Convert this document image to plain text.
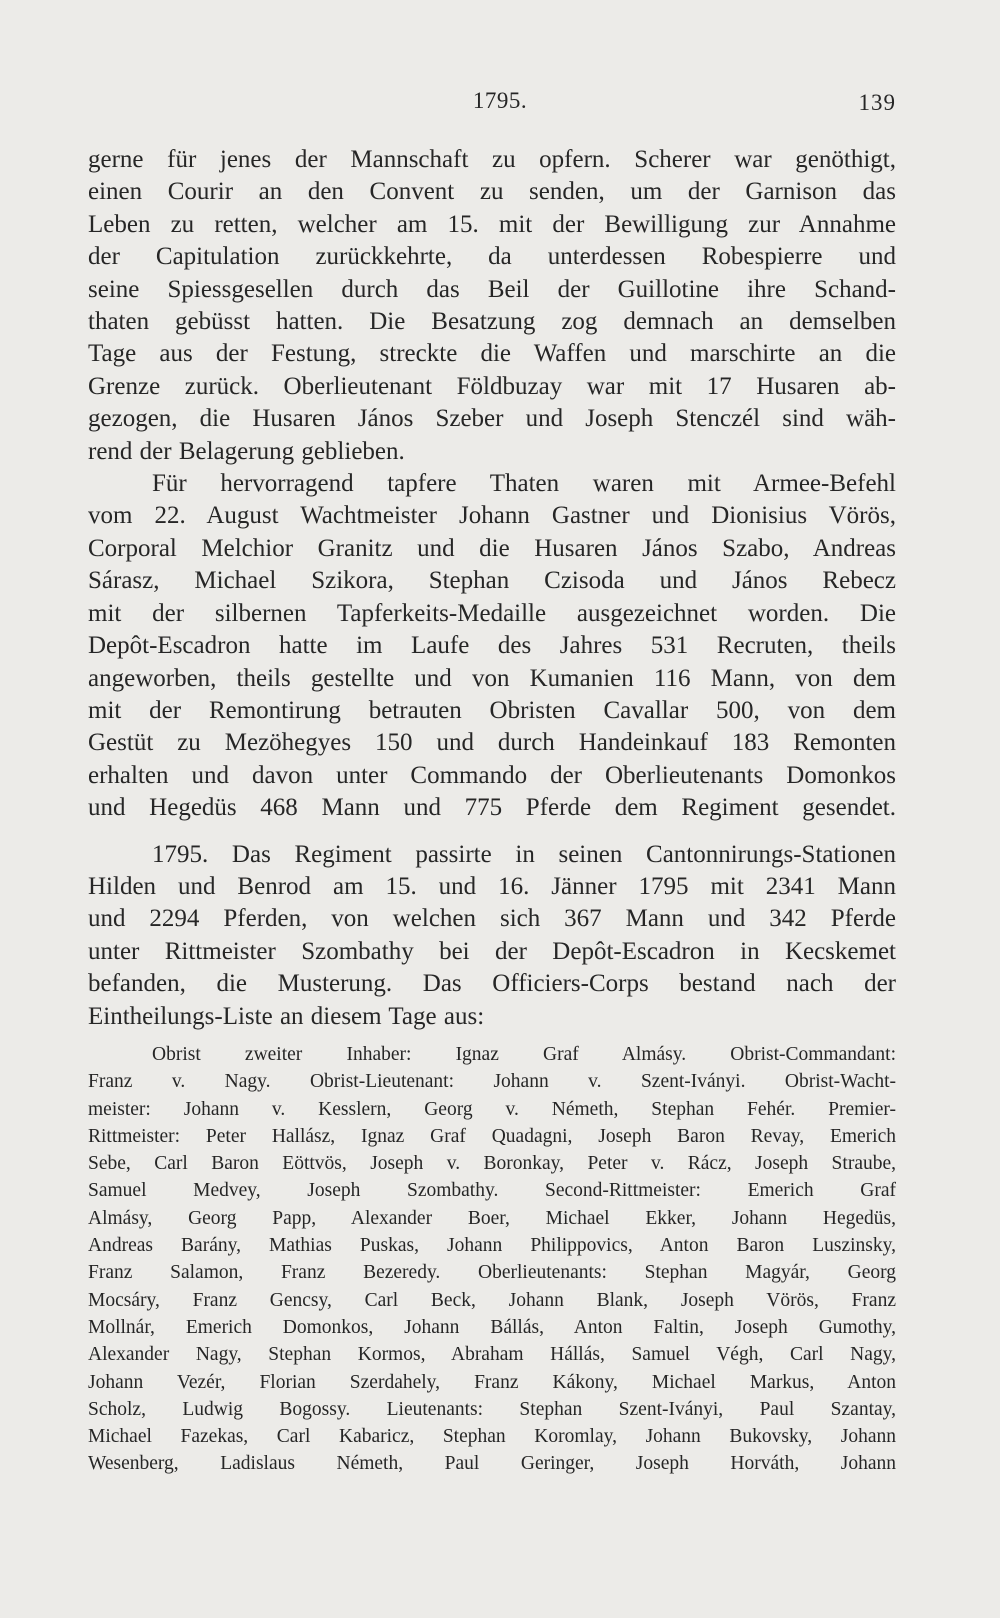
1795.	139
gerne für jenes der Mannschaft zu opfern. Scherer war genöthigt,
einen Courir an den Convent zu senden, um der Garnison das
Leben zu retten, welcher am 15. mit der Bewilligung zur Annahme
der Capitulation zurückkehrte, da unterdessen Robespierre und
seine Spiessgesellen durch das Beil der Guillotine ihre Schand-
thaten gebüsst hatten. Die Besatzung zog demnach an demselben
Tage aus der Festung, streckte die Waffen und marschirte an die
Grenze zurück. Oberlieutenant Földbuzay war mit 17 Husaren ab-
gezogen, die Husaren János Szeber und Joseph Stenczél sind wäh-
rend der Belagerung geblieben.
Für hervorragend tapfere Thaten waren mit Armee-Befehl
vom 22. August Wachtmeister Johann Gastner und Dionisius Vörös,
Corporal Melchior Granitz und die Husaren János Szabo, Andreas
Sárasz, Michael Szikora, Stephan Czisoda und János Rebecz
mit der silbernen Tapferkeits-Medaille ausgezeichnet worden. Die
Depôt-Escadron hatte im Laufe des Jahres 531 Recruten, theils
angeworben, theils gestellte und von Kumanien 116 Mann, von dem
mit der Remontirung betrauten Obristen Cavallar 500, von dem
Gestüt zu Mezöhegyes 150 und durch Handeinkauf 183 Remonten
erhalten und davon unter Commando der Oberlieutenants Domonkos
und Hegedüs 468 Mann und 775 Pferde dem Regiment gesendet.
1795. Das Regiment passirte in seinen Cantonnirungs-Stationen
Hilden und Benrod am 15. und 16. Jänner 1795 mit 2341 Mann
und 2294 Pferden, von welchen sich 367 Mann und 342 Pferde
unter Rittmeister Szombathy bei der Depôt-Escadron in Kecskemet
befanden, die Musterung. Das Officiers-Corps bestand nach der
Eintheilungs-Liste an diesem Tage aus:
Obrist zweiter Inhaber: Ignaz Graf Almásy. Obrist-Commandant:
Franz v. Nagy. Obrist-Lieutenant: Johann v. Szent-Iványi. Obrist-Wacht-
meister: Johann v. Kesslern, Georg v. Németh, Stephan Fehér. Premier-
Rittmeister: Peter Hallász, Ignaz Graf Quadagni, Joseph Baron Revay, Emerich
Sebe, Carl Baron Eöttvös, Joseph v. Boronkay, Peter v. Rácz, Joseph Straube,
Samuel Medvey, Joseph Szombathy. Second-Rittmeister: Emerich Graf
Almásy, Georg Papp, Alexander Boer, Michael Ekker, Johann Hegedüs,
Andreas Barány, Mathias Puskas, Johann Philippovics, Anton Baron Luszinsky,
Franz Salamon, Franz Bezeredy. Oberlieutenants: Stephan Magyár, Georg
Mocsáry, Franz Gencsy, Carl Beck, Johann Blank, Joseph Vörös, Franz
Mollnár, Emerich Domonkos, Johann Bállás, Anton Faltin, Joseph Gumothy,
Alexander Nagy, Stephan Kormos, Abraham Hállás, Samuel Végh, Carl Nagy,
Johann Vezér, Florian Szerdahely, Franz Kákony, Michael Markus, Anton
Scholz, Ludwig Bogossy. Lieutenants: Stephan Szent-Iványi, Paul Szantay,
Michael Fazekas, Carl Kabaricz, Stephan Koromlay, Johann Bukovsky, Johann
Wesenberg, Ladislaus Németh, Paul Geringer, Joseph Horváth, Johann
